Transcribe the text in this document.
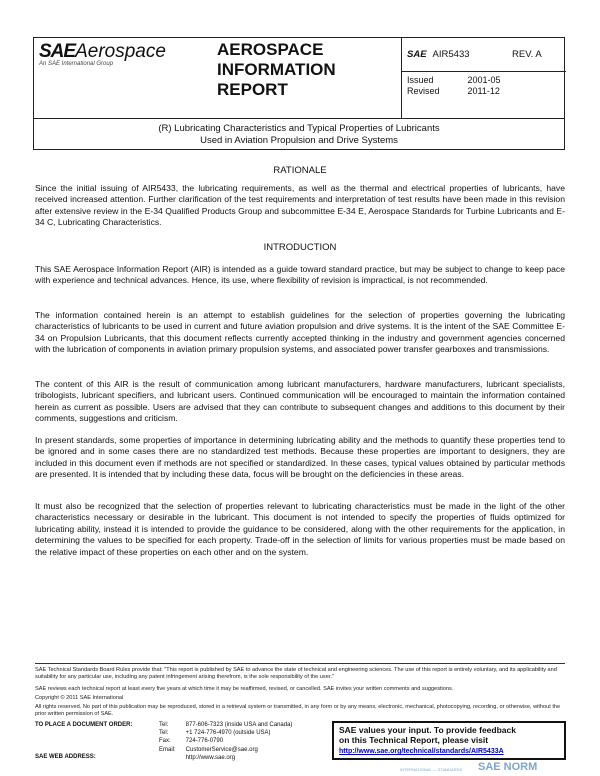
SAEAerospace
An SAE International Group
AEROSPACE
INFORMATION
REPORT
SAE AIR5433	REV. A
Issued	2001-05
Revised	2011-12
(R) Lubricating Characteristics and Typical Properties of Lubricants
Used in Aviation Propulsion and Drive Systems
RATIONALE
Since the initial issuing of AIR5433, the lubricating requirements, as well as the thermal and electrical properties of lubricants, have received increased attention. Further clarification of the test requirements and interpretation of test results have been made in this revision after extensive review in the E-34 Qualified Products Group and subcommittee E-34 E, Aerospace Standards for Turbine Lubricants and E-34 C, Lubricating Characteristics.
INTRODUCTION
This SAE Aerospace Information Report (AIR) is intended as a guide toward standard practice, but may be subject to change to keep pace with experience and technical advances. Hence, its use, where flexibility of revision is impractical, is not recommended.
The information contained herein is an attempt to establish guidelines for the selection of properties governing the lubricating characteristics of lubricants to be used in current and future aviation propulsion and drive systems. It is the intent of the SAE Committee E-34 on Propulsion Lubricants, that this document reflects currently accepted thinking in the industry and government agencies concerned with the lubrication of components in aviation primary propulsion systems, and associated power transfer gearboxes and transmissions.
The content of this AIR is the result of communication among lubricant manufacturers, hardware manufacturers, lubricant specialists, tribologists, lubricant specifiers, and lubricant users. Continued communication will be encouraged to maintain the information contained herein as current as possible. Users are advised that they can contribute to subsequent changes and additions to this document by their comments, suggestions and criticism.
In present standards, some properties of importance in determining lubricating ability and the methods to quantify these properties tend to be ignored and in some cases there are no standardized test methods. Because these properties are important to designers, they are included in this document even if methods are not specified or standardized. In these cases, typical values obtained by particular methods are presented. It is intended that by including these data, focus will be brought on the deficiencies in these areas.
It must also be recognized that the selection of properties relevant to lubricating characteristics must be made in the light of the other characteristics necessary or desirable in the lubricant. This document is not intended to specify the properties of fluids optimized for lubricating ability, instead it is intended to provide the guidance to be considered, along with the other requirements for the application, in determining the values to be specified for each property. Trade-off in the selection of limits for various properties must be made based on the relative impact of these properties on each other and on the system.
SAE Technical Standards Board Rules provide that: "This report is published by SAE to advance the state of technical and engineering sciences. The use of this report is entirely voluntary, and its applicability and suitability for any particular use, including any patent infringement arising therefrom, is the sole responsibility of the user."
SAE reviews each technical report at least every five years at which time it may be reaffirmed, revised, or cancelled. SAE invites your written comments and suggestions.
Copyright © 2011 SAE International
All rights reserved. No part of this publication may be reproduced, stored in a retrieval system or transmitted, in any form or by any means, electronic, mechanical, photocopying, recording, or otherwise, without the prior written permission of SAE.
TO PLACE A DOCUMENT ORDER:
SAE WEB ADDRESS:
Tel:	877-606-7323 (inside USA and Canada)
Tel:	+1 724-776-4970 (outside USA)
Fax:	724-776-0790
Email:	CustomerService@sae.org
	http://www.sae.org
SAE values your input. To provide feedback
on this Technical Report, please visit
http://www.sae.org/technical/standards/AIR5433A
SAE NORM
INTERNATIONAL — STANDARDS
